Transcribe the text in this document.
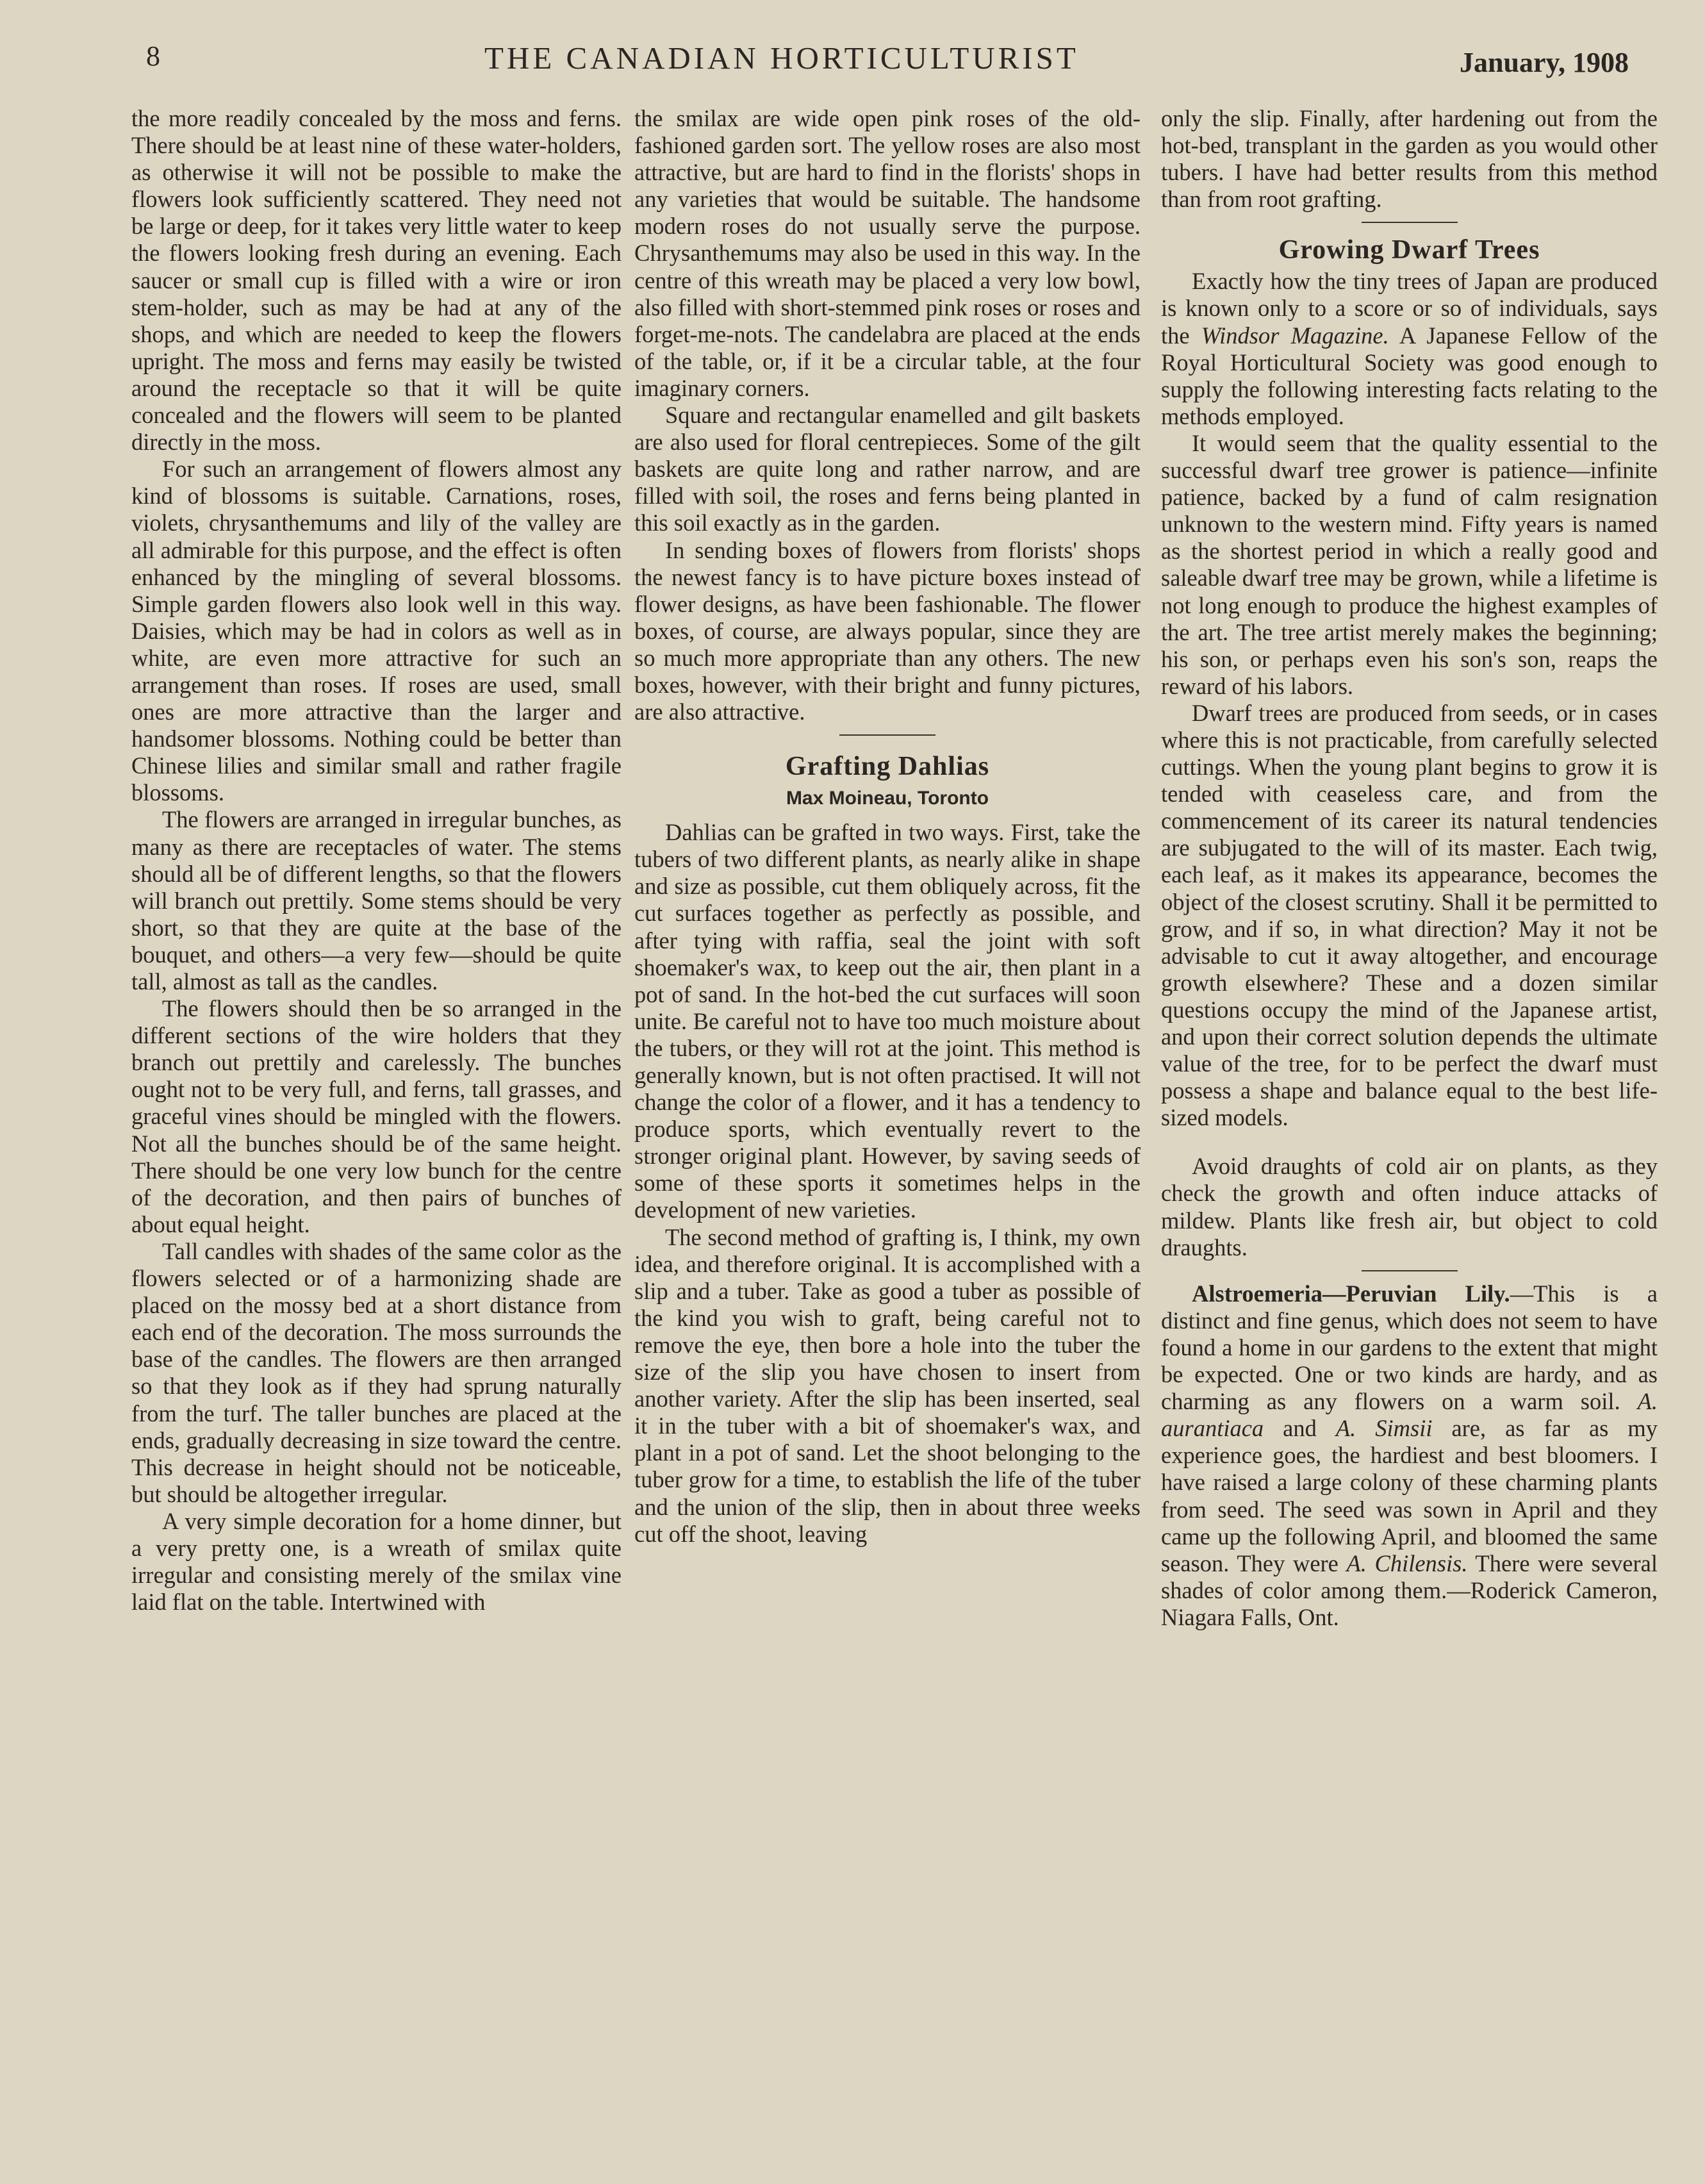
8	THE CANADIAN HORTICULTURIST	January, 1908

the more readily concealed by the moss and ferns. There should be at least nine of these water-holders, as otherwise it will not be possible to make the flowers look sufficiently scattered. They need not be large or deep, for it takes very little water to keep the flowers looking fresh during an evening. Each saucer or small cup is filled with a wire or iron stem-holder, such as may be had at any of the shops, and which are needed to keep the flowers upright. The moss and ferns may easily be twisted around the receptacle so that it will be quite concealed and the flowers will seem to be planted directly in the moss.

For such an arrangement of flowers almost any kind of blossoms is suitable. Carnations, roses, violets, chrysanthemums and lily of the valley are all admirable for this purpose, and the effect is often enhanced by the mingling of several blossoms. Simple garden flowers also look well in this way. Daisies, which may be had in colors as well as in white, are even more attractive for such an arrangement than roses. If roses are used, small ones are more attractive than the larger and handsomer blossoms. Nothing could be better than Chinese lilies and similar small and rather fragile blossoms.

The flowers are arranged in irregular bunches, as many as there are receptacles of water. The stems should all be of different lengths, so that the flowers will branch out prettily. Some stems should be very short, so that they are quite at the base of the bouquet, and others—a very few—should be quite tall, almost as tall as the candles.

The flowers should then be so arranged in the different sections of the wire holders that they branch out prettily and carelessly. The bunches ought not to be very full, and ferns, tall grasses, and graceful vines should be mingled with the flowers. Not all the bunches should be of the same height. There should be one very low bunch for the centre of the decoration, and then pairs of bunches of about equal height.

Tall candles with shades of the same color as the flowers selected or of a harmonizing shade are placed on the mossy bed at a short distance from each end of the decoration. The moss surrounds the base of the candles. The flowers are then arranged so that they look as if they had sprung naturally from the turf. The taller bunches are placed at the ends, gradually decreasing in size toward the centre. This decrease in height should not be noticeable, but should be altogether irregular.

A very simple decoration for a home dinner, but a very pretty one, is a wreath of smilax quite irregular and consisting merely of the smilax vine laid flat on the table. Intertwined with

the smilax are wide open pink roses of the old-fashioned garden sort. The yellow roses are also most attractive, but are hard to find in the florists' shops in any varieties that would be suitable. The handsome modern roses do not usually serve the purpose. Chrysanthemums may also be used in this way. In the centre of this wreath may be placed a very low bowl, also filled with short-stemmed pink roses or roses and forget-me-nots. The candelabra are placed at the ends of the table, or, if it be a circular table, at the four imaginary corners.

Square and rectangular enamelled and gilt baskets are also used for floral centrepieces. Some of the gilt baskets are quite long and rather narrow, and are filled with soil, the roses and ferns being planted in this soil exactly as in the garden.

In sending boxes of flowers from florists' shops the newest fancy is to have picture boxes instead of flower designs, as have been fashionable. The flower boxes, of course, are always popular, since they are so much more appropriate than any others. The new boxes, however, with their bright and funny pictures, are also attractive.

Grafting Dahlias
Max Moineau, Toronto

Dahlias can be grafted in two ways. First, take the tubers of two different plants, as nearly alike in shape and size as possible, cut them obliquely across, fit the cut surfaces together as perfectly as possible, and after tying with raffia, seal the joint with soft shoemaker's wax, to keep out the air, then plant in a pot of sand. In the hot-bed the cut surfaces will soon unite. Be careful not to have too much moisture about the tubers, or they will rot at the joint. This method is generally known, but is not often practised. It will not change the color of a flower, and it has a tendency to produce sports, which eventually revert to the stronger original plant. However, by saving seeds of some of these sports it sometimes helps in the development of new varieties.

The second method of grafting is, I think, my own idea, and therefore original. It is accomplished with a slip and a tuber. Take as good a tuber as possible of the kind you wish to graft, being careful not to remove the eye, then bore a hole into the tuber the size of the slip you have chosen to insert from another variety. After the slip has been inserted, seal it in the tuber with a bit of shoemaker's wax, and plant in a pot of sand. Let the shoot belonging to the tuber grow for a time, to establish the life of the tuber and the union of the slip, then in about three weeks cut off the shoot, leaving

only the slip. Finally, after hardening out from the hot-bed, transplant in the garden as you would other tubers. I have had better results from this method than from root grafting.

Growing Dwarf Trees

Exactly how the tiny trees of Japan are produced is known only to a score or so of individuals, says the Windsor Magazine. A Japanese Fellow of the Royal Horticultural Society was good enough to supply the following interesting facts relating to the methods employed.

It would seem that the quality essential to the successful dwarf tree grower is patience—infinite patience, backed by a fund of calm resignation unknown to the western mind. Fifty years is named as the shortest period in which a really good and saleable dwarf tree may be grown, while a lifetime is not long enough to produce the highest examples of the art. The tree artist merely makes the beginning; his son, or perhaps even his son's son, reaps the reward of his labors.

Dwarf trees are produced from seeds, or in cases where this is not practicable, from carefully selected cuttings. When the young plant begins to grow it is tended with ceaseless care, and from the commencement of its career its natural tendencies are subjugated to the will of its master. Each twig, each leaf, as it makes its appearance, becomes the object of the closest scrutiny. Shall it be permitted to grow, and if so, in what direction? May it not be advisable to cut it away altogether, and encourage growth elsewhere? These and a dozen similar questions occupy the mind of the Japanese artist, and upon their correct solution depends the ultimate value of the tree, for to be perfect the dwarf must possess a shape and balance equal to the best life-sized models.

Avoid draughts of cold air on plants, as they check the growth and often induce attacks of mildew. Plants like fresh air, but object to cold draughts.

Alstroemeria—Peruvian Lily.—This is a distinct and fine genus, which does not seem to have found a home in our gardens to the extent that might be expected. One or two kinds are hardy, and as charming as any flowers on a warm soil. A. aurantiaca and A. Simsii are, as far as my experience goes, the hardiest and best bloomers. I have raised a large colony of these charming plants from seed. The seed was sown in April and they came up the following April, and bloomed the same season. They were A. Chilensis. There were several shades of color among them.—Roderick Cameron, Niagara Falls, Ont.
